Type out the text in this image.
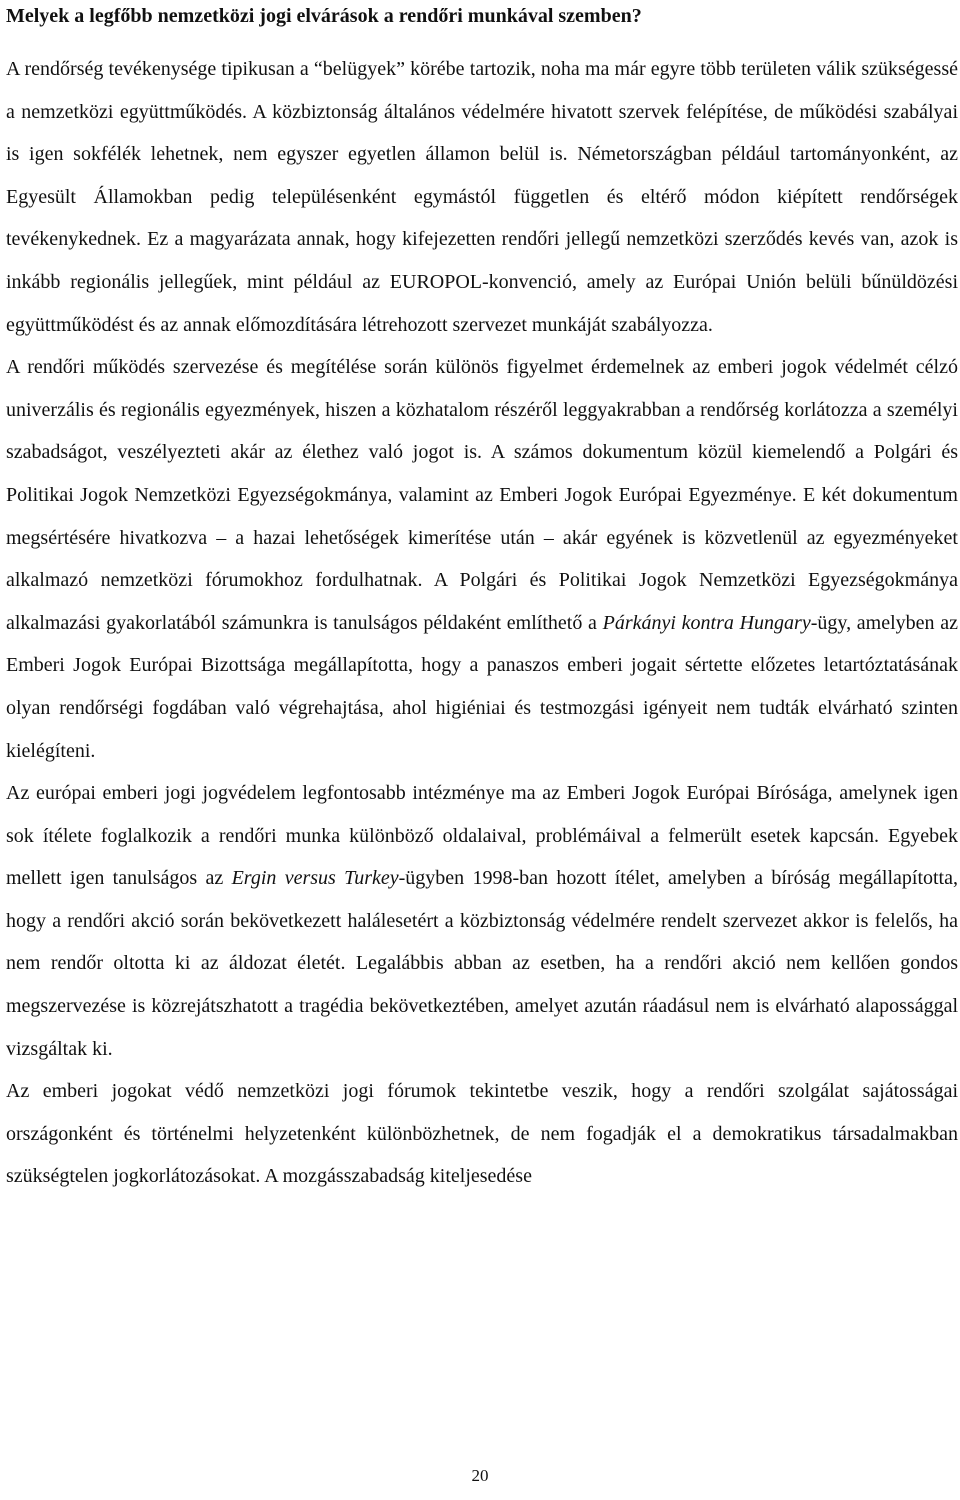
Melyek a legfőbb nemzetközi jogi elvárások a rendőri munkával szemben?

A rendőrség tevékenysége tipikusan a “belügyek” körébe tartozik, noha ma már egyre több területen válik szükségessé a nemzetközi együttműködés. A közbiztonság általános védelmére hivatott szervek felépítése, de működési szabályai is igen sokfélék lehetnek, nem egyszer egyetlen államon belül is. Németországban például tartományonként, az Egyesült Államokban pedig településenként egymástól független és eltérő módon kiépített rendőrségek tevékenykednek. Ez a magyarázata annak, hogy kifejezetten rendőri jellegű nemzetközi szerződés kevés van, azok is inkább regionális jellegűek, mint például az EUROPOL-konvenció, amely az Európai Unión belüli bűnüldözési együttműködést és az annak előmozdítására létrehozott szervezet munkáját szabályozza.

A rendőri működés szervezése és megítélése során különös figyelmet érdemelnek az emberi jogok védelmét célzó univerzális és regionális egyezmények, hiszen a közhatalom részéről leggyakrabban a rendőrség korlátozza a személyi szabadságot, veszélyezteti akár az élethez való jogot is. A számos dokumentum közül kiemelendő a Polgári és Politikai Jogok Nemzetközi Egyezségokmánya, valamint az Emberi Jogok Európai Egyezménye. E két dokumentum megsértésére hivatkozva – a hazai lehetőségek kimerítése után – akár egyének is közvetlenül az egyezményeket alkalmazó nemzetközi fórumokhoz fordulhatnak. A Polgári és Politikai Jogok Nemzetközi Egyezségokmánya alkalmazási gyakorlatából számunkra is tanulságos példaként említhető a Párkányi kontra Hungary-ügy, amelyben az Emberi Jogok Európai Bizottsága megállapította, hogy a panaszos emberi jogait sértette előzetes letartóztatásának olyan rendőrségi fogdában való végrehajtása, ahol higiéniai és testmozgási igényeit nem tudták elvárható szinten kielégíteni.

Az európai emberi jogi jogvédelem legfontosabb intézménye ma az Emberi Jogok Európai Bírósága, amelynek igen sok ítélete foglalkozik a rendőri munka különböző oldalaival, problémáival a felmerült esetek kapcsán. Egyebek mellett igen tanulságos az Ergin versus Turkey-ügyben 1998-ban hozott ítélet, amelyben a bíróság megállapította, hogy a rendőri akció során bekövetkezett halálesetért a közbiztonság védelmére rendelt szervezet akkor is felelős, ha nem rendőr oltotta ki az áldozat életét. Legalábbis abban az esetben, ha a rendőri akció nem kellően gondos megszervezése is közrejátszhatott a tragédia bekövetkeztében, amelyet azután ráadásul nem is elvárható alapossággal vizsgáltak ki.

Az emberi jogokat védő nemzetközi jogi fórumok tekintetbe veszik, hogy a rendőri szolgálat sajátosságai országonként és történelmi helyzetenként különbözhetnek, de nem fogadják el a demokratikus társadalmakban szükségtelen jogkorlátozásokat. A mozgásszabadság kiteljesedése

20
